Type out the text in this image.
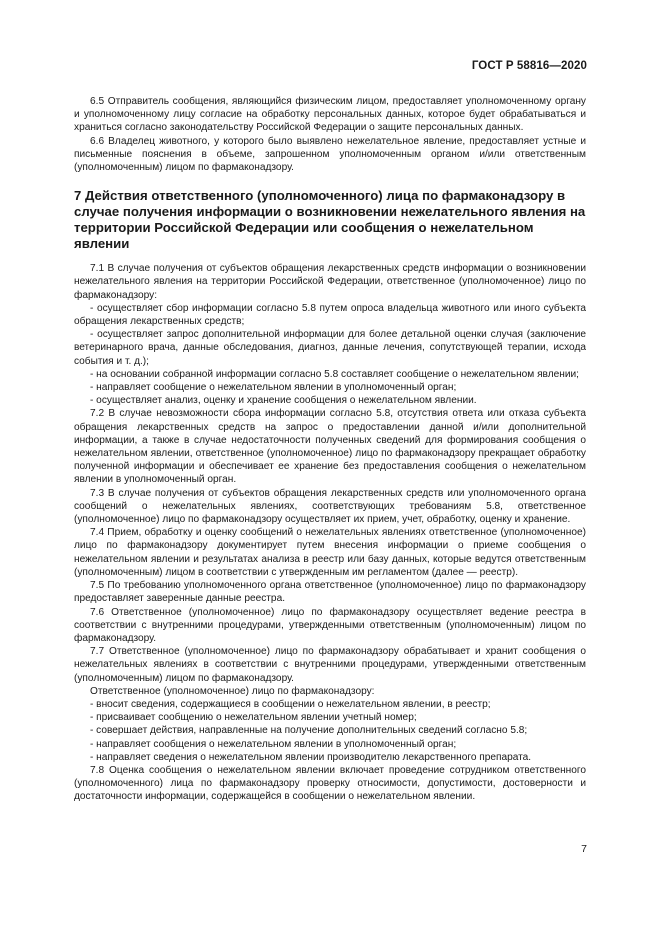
ГОСТ Р 58816—2020

6.5 Отправитель сообщения, являющийся физическим лицом, предоставляет уполномоченному органу и уполномоченному лицу согласие на обработку персональных данных, которое будет обрабатываться и храниться согласно законодательству Российской Федерации о защите персональных данных.

6.6 Владелец животного, у которого было выявлено нежелательное явление, предоставляет устные и письменные пояснения в объеме, запрошенном уполномоченным органом и/или ответственным (уполномоченным) лицом по фармаконадзору.

7 Действия ответственного (уполномоченного) лица по фармаконадзору в случае получения информации о возникновении нежелательного явления на территории Российской Федерации или сообщения о нежелательном явлении

7.1 В случае получения от субъектов обращения лекарственных средств информации о возникновении нежелательного явления на территории Российской Федерации, ответственное (уполномоченное) лицо по фармаконадзору:

- осуществляет сбор информации согласно 5.8 путем опроса владельца животного или иного субъекта обращения лекарственных средств;

- осуществляет запрос дополнительной информации для более детальной оценки случая (заключение ветеринарного врача, данные обследования, диагноз, данные лечения, сопутствующей терапии, исхода события и т. д.);

- на основании собранной информации согласно 5.8 составляет сообщение о нежелательном явлении;

- направляет сообщение о нежелательном явлении в уполномоченный орган;

- осуществляет анализ, оценку и хранение сообщения о нежелательном явлении.

7.2 В случае невозможности сбора информации согласно 5.8, отсутствия ответа или отказа субъекта обращения лекарственных средств на запрос о предоставлении данной и/или дополнительной информации, а также в случае недостаточности полученных сведений для формирования сообщения о нежелательном явлении, ответственное (уполномоченное) лицо по фармаконадзору прекращает обработку полученной информации и обеспечивает ее хранение без предоставления сообщения о нежелательном явлении в уполномоченный орган.

7.3 В случае получения от субъектов обращения лекарственных средств или уполномоченного органа сообщений о нежелательных явлениях, соответствующих требованиям 5.8, ответственное (уполномоченное) лицо по фармаконадзору осуществляет их прием, учет, обработку, оценку и хранение.

7.4 Прием, обработку и оценку сообщений о нежелательных явлениях ответственное (уполномоченное) лицо по фармаконадзору документирует путем внесения информации о приеме сообщения о нежелательном явлении и результатах анализа в реестр или базу данных, которые ведутся ответственным (уполномоченным) лицом в соответствии с утвержденным им регламентом (далее — реестр).

7.5 По требованию уполномоченного органа ответственное (уполномоченное) лицо по фармаконадзору предоставляет заверенные данные реестра.

7.6 Ответственное (уполномоченное) лицо по фармаконадзору осуществляет ведение реестра в соответствии с внутренними процедурами, утвержденными ответственным (уполномоченным) лицом по фармаконадзору.

7.7 Ответственное (уполномоченное) лицо по фармаконадзору обрабатывает и хранит сообщения о нежелательных явлениях в соответствии с внутренними процедурами, утвержденными ответственным (уполномоченным) лицом по фармаконадзору.

Ответственное (уполномоченное) лицо по фармаконадзору:

- вносит сведения, содержащиеся в сообщении о нежелательном явлении, в реестр;

- присваивает сообщению о нежелательном явлении учетный номер;

- совершает действия, направленные на получение дополнительных сведений согласно 5.8;

- направляет сообщения о нежелательном явлении в уполномоченный орган;

- направляет сведения о нежелательном явлении производителю лекарственного препарата.

7.8 Оценка сообщения о нежелательном явлении включает проведение сотрудником ответственного (уполномоченного) лица по фармаконадзору проверку относимости, допустимости, достоверности и достаточности информации, содержащейся в сообщении о нежелательном явлении.

7
